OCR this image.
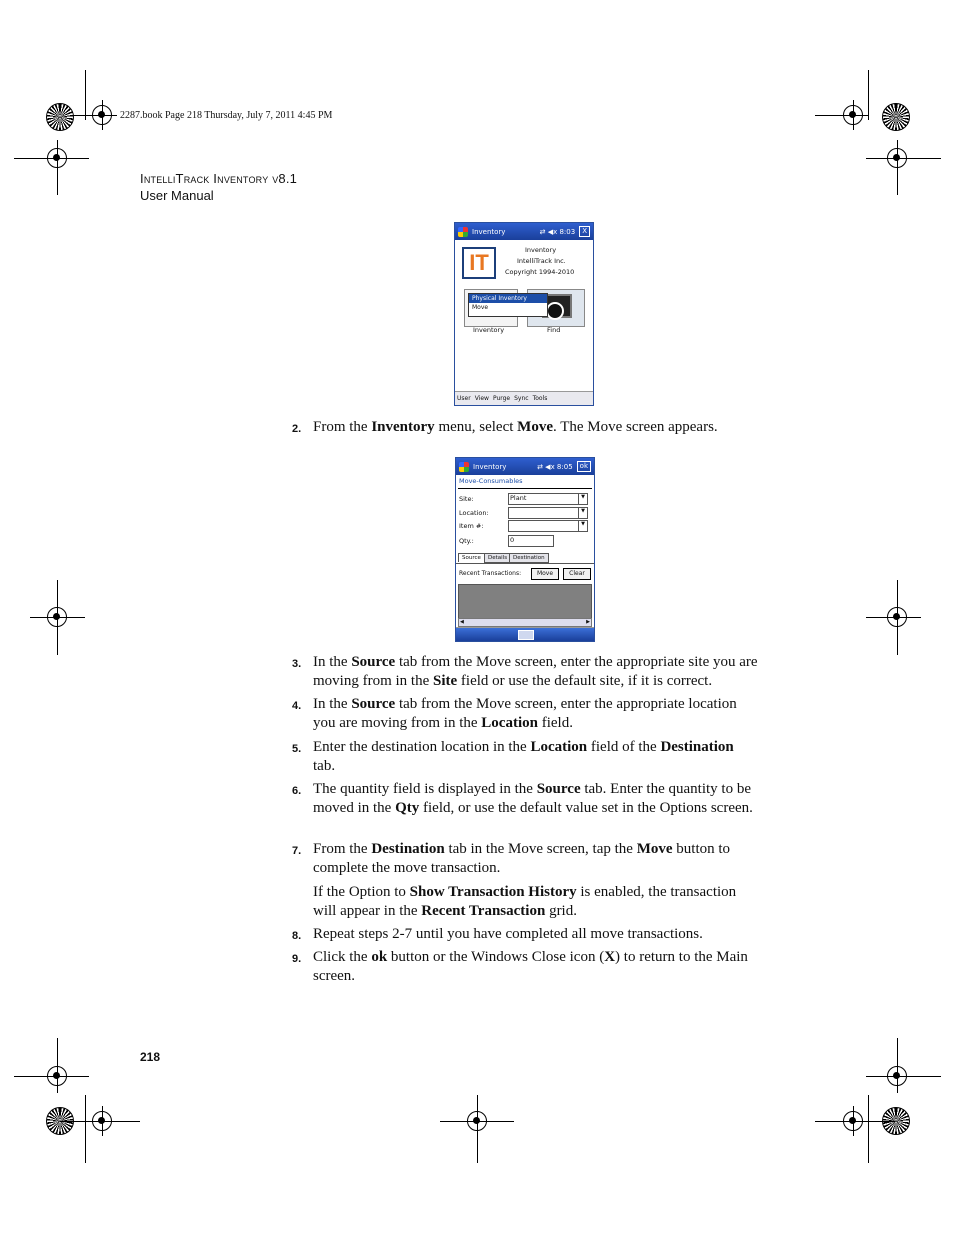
2287.book Page 218 Thursday, July 7, 2011 4:45 PM
IntelliTrack Inventory v8.1
User Manual
Inventory	⇄ ◀x 8:03	X
IT	Inventory
IntelliTrack Inc.
Copyright 1994-2010
Physical Inventory
Move
Inventory	Find
User View Purge Sync Tools
2. From the Inventory menu, select Move. The Move screen appears.
Inventory	⇄ ◀x 8:05	ok
Move-Consumables
Site:	Plant	▼
Location:	▼
Item #:	▼
Qty.:	0
Source	Details	Destination
Recent Transactions:	Move	Clear
◀	▶
3. In the Source tab from the Move screen, enter the appropriate site you are moving from in the Site field or use the default site, if it is correct.
4. In the Source tab from the Move screen, enter the appropriate location you are moving from in the Location field.
5. Enter the destination location in the Location field of the Destination tab.
6. The quantity field is displayed in the Source tab. Enter the quantity to be moved in the Qty field, or use the default value set in the Options screen.
7. From the Destination tab in the Move screen, tap the Move button to complete the move transaction.
If the Option to Show Transaction History is enabled, the transaction will appear in the Recent Transaction grid.
8. Repeat steps 2-7 until you have completed all move transactions.
9. Click the ok button or the Windows Close icon (X) to return to the Main screen.
218
